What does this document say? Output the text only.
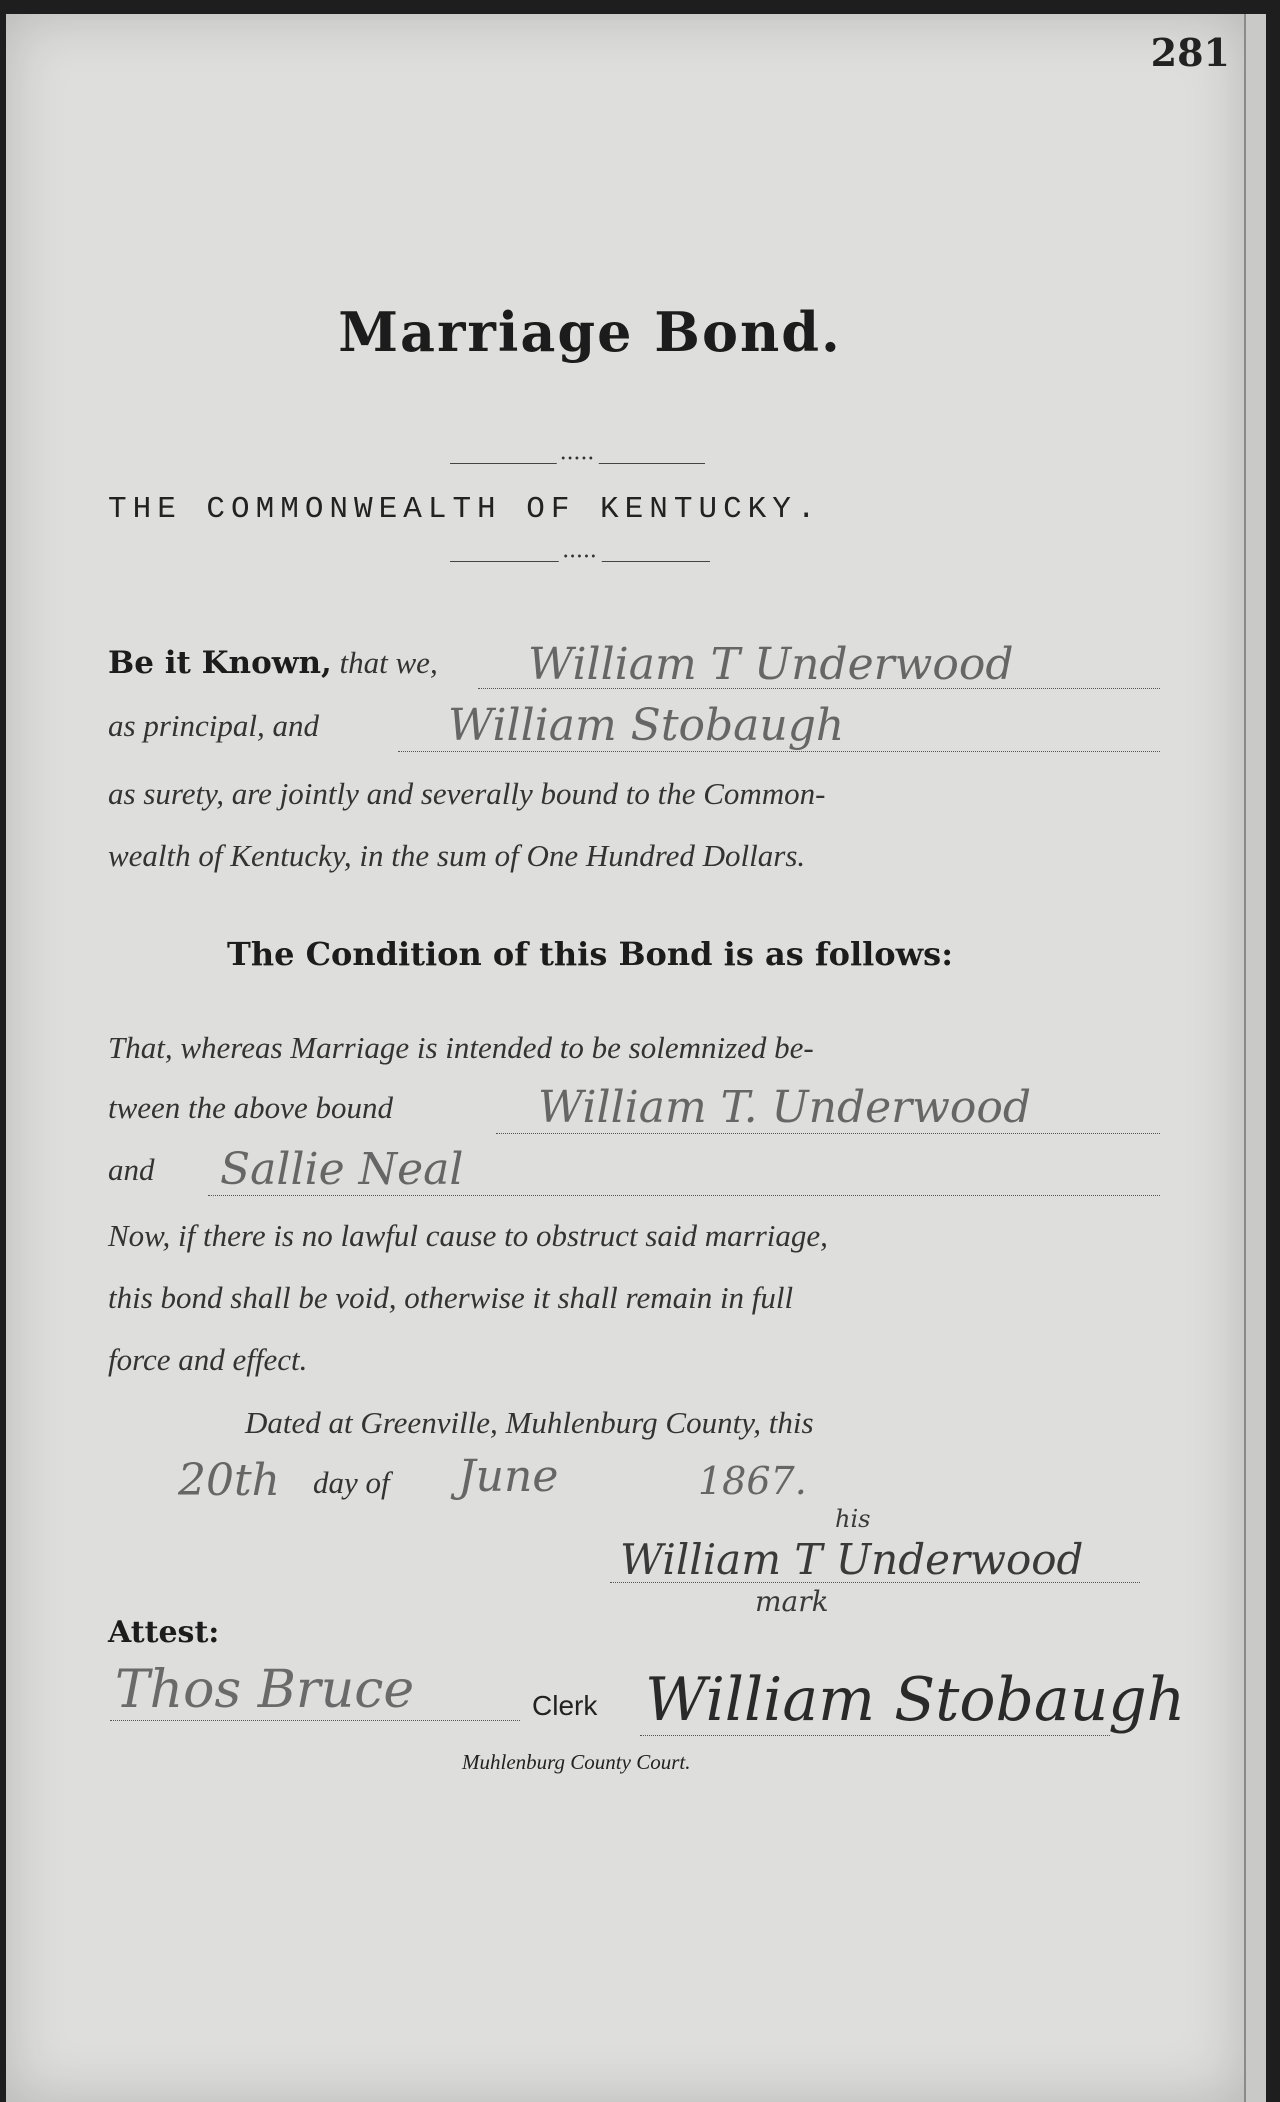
281
Marriage Bond.
•••••
THE COMMONWEALTH OF KENTUCKY.
•••••
Be it Known, that we, William T Underwood
as principal, and	William Stobaugh
as surety, are jointly and severally bound to the Common-
wealth of Kentucky, in the sum of One Hundred Dollars.
The Condition of this Bond is as follows:
That, whereas Marriage is intended to be solemnized be-
tween the above bound	William T. Underwood
and Sallie Neal
Now, if there is no lawful cause to obstruct said marriage,
this bond shall be void, otherwise it shall remain in full
force and effect.
Dated at Greenville, Muhlenburg County, this
20th day of June	1867.
William T Underwood
his
mark
Attest:
Thos Bruce	Clerk William Stobaugh
Muhlenburg County Court.
